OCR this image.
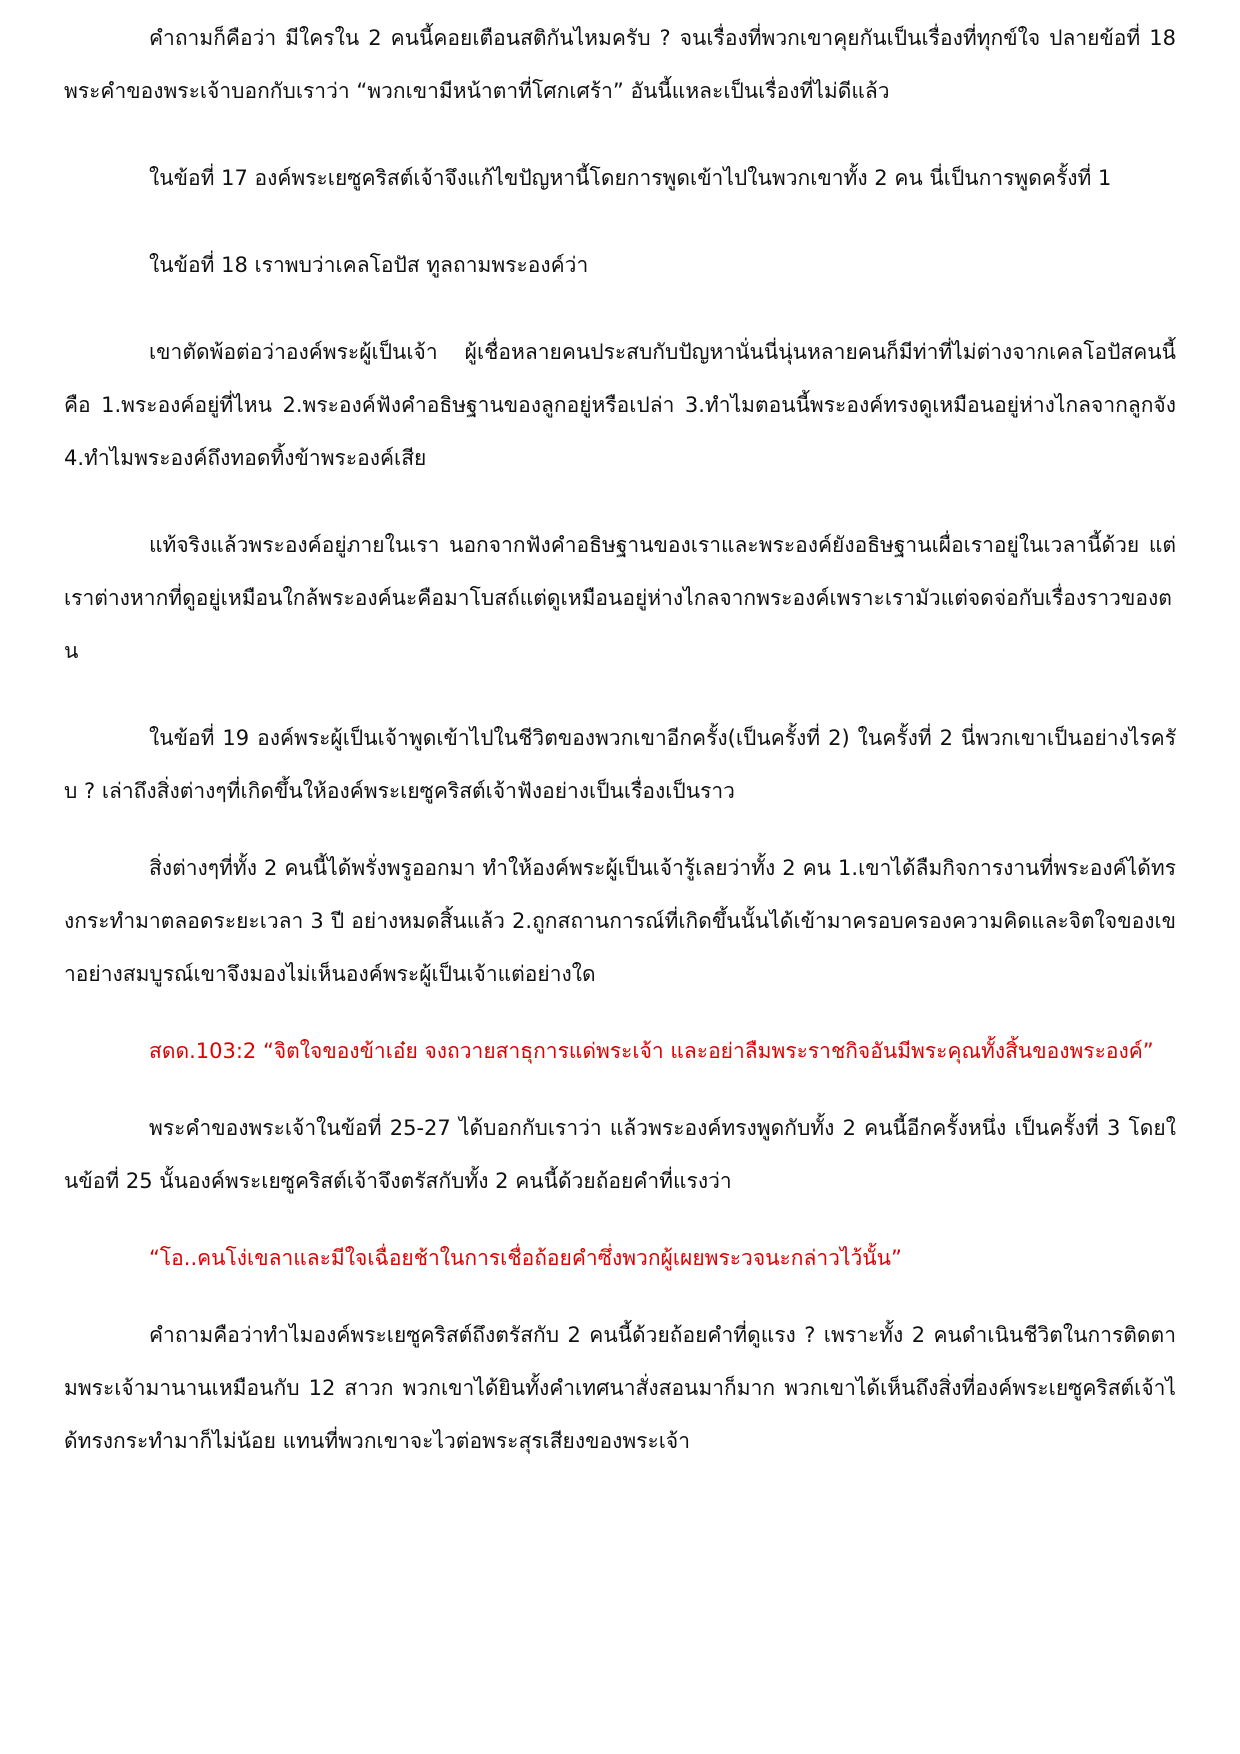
คำถามก็คือว่า มีใครใน 2 คนนี้คอยเตือนสติกันไหมครับ ? จนเรื่องที่พวกเขาคุยกันเป็นเรื่องที่ทุกข์ใจ ปลายข้อที่ 18 พระคำของพระเจ้าบอกกับเราว่า “พวกเขามีหน้าตาที่โศกเศร้า” อันนี้แหละเป็นเรื่องที่ไม่ดีแล้ว

ในข้อที่ 17 องค์พระเยซูคริสต์เจ้าจึงแก้ไขปัญหานี้โดยการพูดเข้าไปในพวกเขาทั้ง 2 คน นี่เป็นการพูดครั้งที่ 1

ในข้อที่ 18 เราพบว่าเคลโอปัส ทูลถามพระองค์ว่า

เขาตัดพ้อต่อว่าองค์พระผู้เป็นเจ้า ผู้เชื่อหลายคนประสบกับปัญหานั่นนี่นุ่นหลายคนก็มีท่าที่ไม่ต่างจากเคลโอปัสคนนี้ คือ 1.พระองค์อยู่ที่ไหน 2.พระองค์ฟังคำอธิษฐานของลูกอยู่หรือเปล่า 3.ทำไมตอนนี้พระองค์ทรงดูเหมือนอยู่ห่างไกลจากลูกจัง 4.ทำไมพระองค์ถึงทอดทิ้งข้าพระองค์เสีย

แท้จริงแล้วพระองค์อยู่ภายในเรา นอกจากฟังคำอธิษฐานของเราและพระองค์ยังอธิษฐานเผื่อเราอยู่ในเวลานี้ด้วย แต่เราต่างหากที่ดูอยู่เหมือนใกล้พระองค์นะคือมาโบสถ์แต่ดูเหมือนอยู่ห่างไกลจากพระองค์เพราะเรามัวแต่จดจ่อกับเรื่องราวของตน

ในข้อที่ 19 องค์พระผู้เป็นเจ้าพูดเข้าไปในชีวิตของพวกเขาอีกครั้ง(เป็นครั้งที่ 2) ในครั้งที่ 2 นี่พวกเขาเป็นอย่างไรครับ ? เล่าถึงสิ่งต่างๆที่เกิดขึ้นให้องค์พระเยซูคริสต์เจ้าฟังอย่างเป็นเรื่องเป็นราว

สิ่งต่างๆที่ทั้ง 2 คนนี้ได้พรั่งพรูออกมา ทำให้องค์พระผู้เป็นเจ้ารู้เลยว่าทั้ง 2 คน 1.เขาได้ลืมกิจการงานที่พระองค์ได้ทรงกระทำมาตลอดระยะเวลา 3 ปี อย่างหมดสิ้นแล้ว 2.ถูกสถานการณ์ที่เกิดขึ้นนั้นได้เข้ามาครอบครองความคิดและจิตใจของเขาอย่างสมบูรณ์เขาจึงมองไม่เห็นองค์พระผู้เป็นเจ้าแต่อย่างใด

สดด.103:2 “จิตใจของข้าเอ๋ย จงถวายสาธุการแด่พระเจ้า และอย่าลืมพระราชกิจอันมีพระคุณทั้งสิ้นของพระองค์”

พระคำของพระเจ้าในข้อที่ 25-27 ได้บอกกับเราว่า แล้วพระองค์ทรงพูดกับทั้ง 2 คนนี้อีกครั้งหนึ่ง เป็นครั้งที่ 3 โดยในข้อที่ 25 นั้นองค์พระเยซูคริสต์เจ้าจึงตรัสกับทั้ง 2 คนนี้ด้วยถ้อยคำที่แรงว่า

“โอ..คนโง่เขลาและมีใจเฉื่อยช้าในการเชื่อถ้อยคำซึ่งพวกผู้เผยพระวจนะกล่าวไว้นั้น”

คำถามคือว่าทำไมองค์พระเยซูคริสต์ถึงตรัสกับ 2 คนนี้ด้วยถ้อยคำที่ดูแรง ? เพราะทั้ง 2 คนดำเนินชีวิตในการติดตามพระเจ้ามานานเหมือนกับ 12 สาวก พวกเขาได้ยินทั้งคำเทศนาสั่งสอนมาก็มาก พวกเขาได้เห็นถึงสิ่งที่องค์พระเยซูคริสต์เจ้าได้ทรงกระทำมาก็ไม่น้อย แทนที่พวกเขาจะไวต่อพระสุรเสียงของพระเจ้า
